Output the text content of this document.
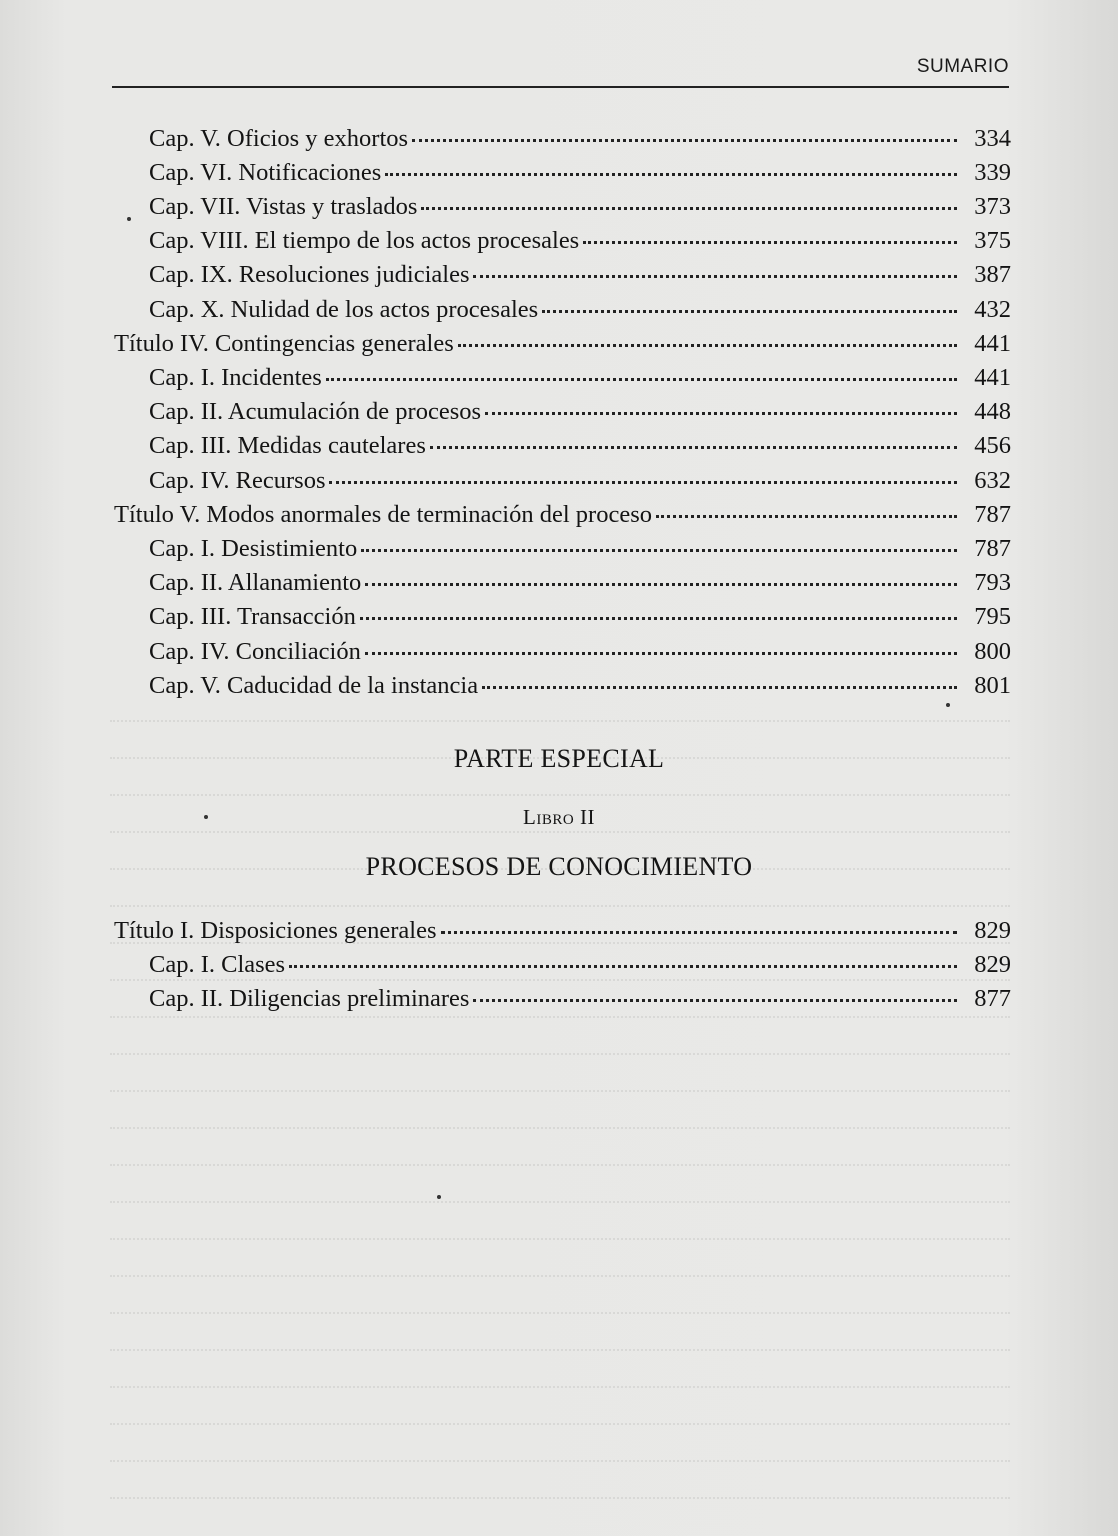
SUMARIO
Cap. V. Oficios y exhortos	334
Cap. VI. Notificaciones	339
Cap. VII. Vistas y traslados	373
Cap. VIII. El tiempo de los actos procesales	375
Cap. IX. Resoluciones judiciales	387
Cap. X. Nulidad de los actos procesales	432
Título IV. Contingencias generales	441
Cap. I. Incidentes	441
Cap. II. Acumulación de procesos	448
Cap. III. Medidas cautelares	456
Cap. IV. Recursos	632
Título V. Modos anormales de terminación del proceso	787
Cap. I. Desistimiento	787
Cap. II. Allanamiento	793
Cap. III. Transacción	795
Cap. IV. Conciliación	800
Cap. V. Caducidad de la instancia	801
PARTE ESPECIAL
Libro II
PROCESOS DE CONOCIMIENTO
Título I. Disposiciones generales	829
Cap. I. Clases	829
Cap. II. Diligencias preliminares	877
